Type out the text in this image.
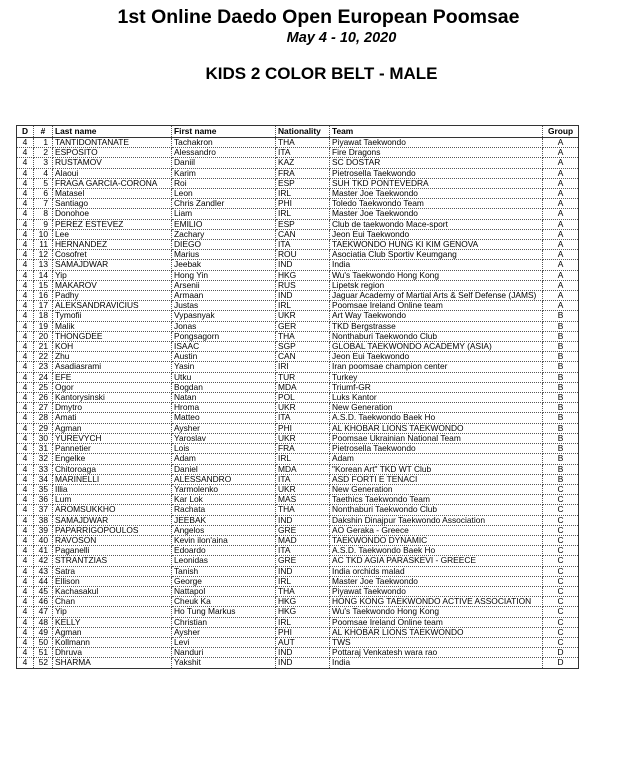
1st Online Daedo Open European Poomsae
May 4 - 10, 2020
KIDS 2 COLOR BELT - MALE
D	#	Last name	First name	Nationality	Team	Group
4	1	TANTIDONTANATE	Tachakron	THA	Piyawat Taekwondo	A
4	2	ESPOSITO	Alessandro	ITA	Fire Dragons	A
4	3	RUSTAMOV	Daniil	KAZ	SC DOSTAR	A
4	4	Alaoui	Karim	FRA	Pietrosella Taekwondo	A
4	5	FRAGA GARCIA-CORONA	Roi	ESP	SUH TKD PONTEVEDRA	A
4	6	Matasel	Leon	IRL	Master Joe Taekwondo	A
4	7	Santiago	Chris Zandler	PHI	Toledo Taekwondo Team	A
4	8	Donohoe	Liam	IRL	Master Joe Taekwondo	A
4	9	PEREZ ESTEVEZ	EMILIO	ESP	Club de taekwondo Mace-sport	A
4	10	Lee	Zachary	CAN	Jeon Eui Taekwondo	A
4	11	HERNANDEZ	DIEGO	ITA	TAEKWONDO HUNG KI KIM GENOVA	A
4	12	Cosofret	Marius	ROU	Asociatia Club Sportiv Keumgang	A
4	13	SAMAJDWAR	Jeebak	IND	India	A
4	14	Yip	Hong Yin	HKG	Wu's Taekwondo Hong Kong	A
4	15	MAKAROV	Arsenii	RUS	Lipetsk region	A
4	16	Padhy	Armaan	IND	Jaguar Academy of Martial Arts & Self Defense (JAMS)	A
4	17	ALEKSANDRAVICIUS	Justas	IRL	Poomsae Ireland Online team	A
4	18	Tymofii	Vypasnyak	UKR	Art Way Taekwondo	B
4	19	Malik	Jonas	GER	TKD Bergstrasse	B
4	20	THONGDEE	Pongsagorn	THA	Nonthaburi Taekwondo Club	B
4	21	KOH	ISAAC	SGP	GLOBAL TAEKWONDO ACADEMY (ASIA)	B
4	22	Zhu	Austin	CAN	Jeon Eui Taekwondo	B
4	23	Asadiasrami	Yasin	IRI	Iran poomsae champion center	B
4	24	EFE	Utku	TUR	Turkey	B
4	25	Ogor	Bogdan	MDA	Triumf-GR	B
4	26	Kantorysinski	Natan	POL	Luks Kantor	B
4	27	Dmytro	Hroma	UKR	New Generation	B
4	28	Amati	Matteo	ITA	A.S.D. Taekwondo Baek Ho	B
4	29	Agman	Aysher	PHI	AL KHOBAR LIONS TAEKWONDO	B
4	30	YUREVYCH	Yaroslav	UKR	Poomsae Ukrainian National Team	B
4	31	Pannetier	Lois	FRA	Pietrosella Taekwondo	B
4	32	Engelke	Adam	IRL	Adam	B
4	33	Chitoroaga	Daniel	MDA	"Korean Art" TKD WT Club	B
4	34	MARINELLI	ALESSANDRO	ITA	ASD FORTI E TENACI	B
4	35	Illia	Yarmolenko	UKR	New Generation	C
4	36	Lum	Kar Lok	MAS	Taethics Taekwondo Team	C
4	37	AROMSUKKHO	Rachata	THA	Nonthaburi Taekwondo Club	C
4	38	SAMAJDWAR	JEEBAK	IND	Dakshin Dinajpur Taekwondo Association	C
4	39	PAPARRIGOPOULOS	Angelos	GRE	AO Geraka - Greece	C
4	40	RAVOSON	Kevin ilon'aina	MAD	TAEKWONDO DYNAMIC	C
4	41	Paganelli	Edoardo	ITA	A.S.D. Taekwondo Baek Ho	C
4	42	STRANTZIAS	Leonidas	GRE	AC TKD AGIA PARASKEVI - GREECE	C
4	43	Satra	Tanish	IND	India orchids malad	C
4	44	Ellison	George	IRL	Master Joe Taekwondo	C
4	45	Kachasakul	Nattapol	THA	Piyawat Taekwondo	C
4	46	Chan	Cheuk Ka	HKG	HONG KONG TAEKWONDO ACTIVE ASSOCIATION	C
4	47	Yip	Ho Tung Markus	HKG	Wu's Taekwondo Hong Kong	C
4	48	KELLY	Christian	IRL	Poomsae Ireland Online team	C
4	49	Agman	Aysher	PHI	AL KHOBAR LIONS TAEKWONDO	C
4	50	Kollmann	Levi	AUT	TWS	C
4	51	Dhruva	Nanduri	IND	Pottaraj Venkatesh wara rao	D
4	52	SHARMA	Yakshit	IND	India	D
